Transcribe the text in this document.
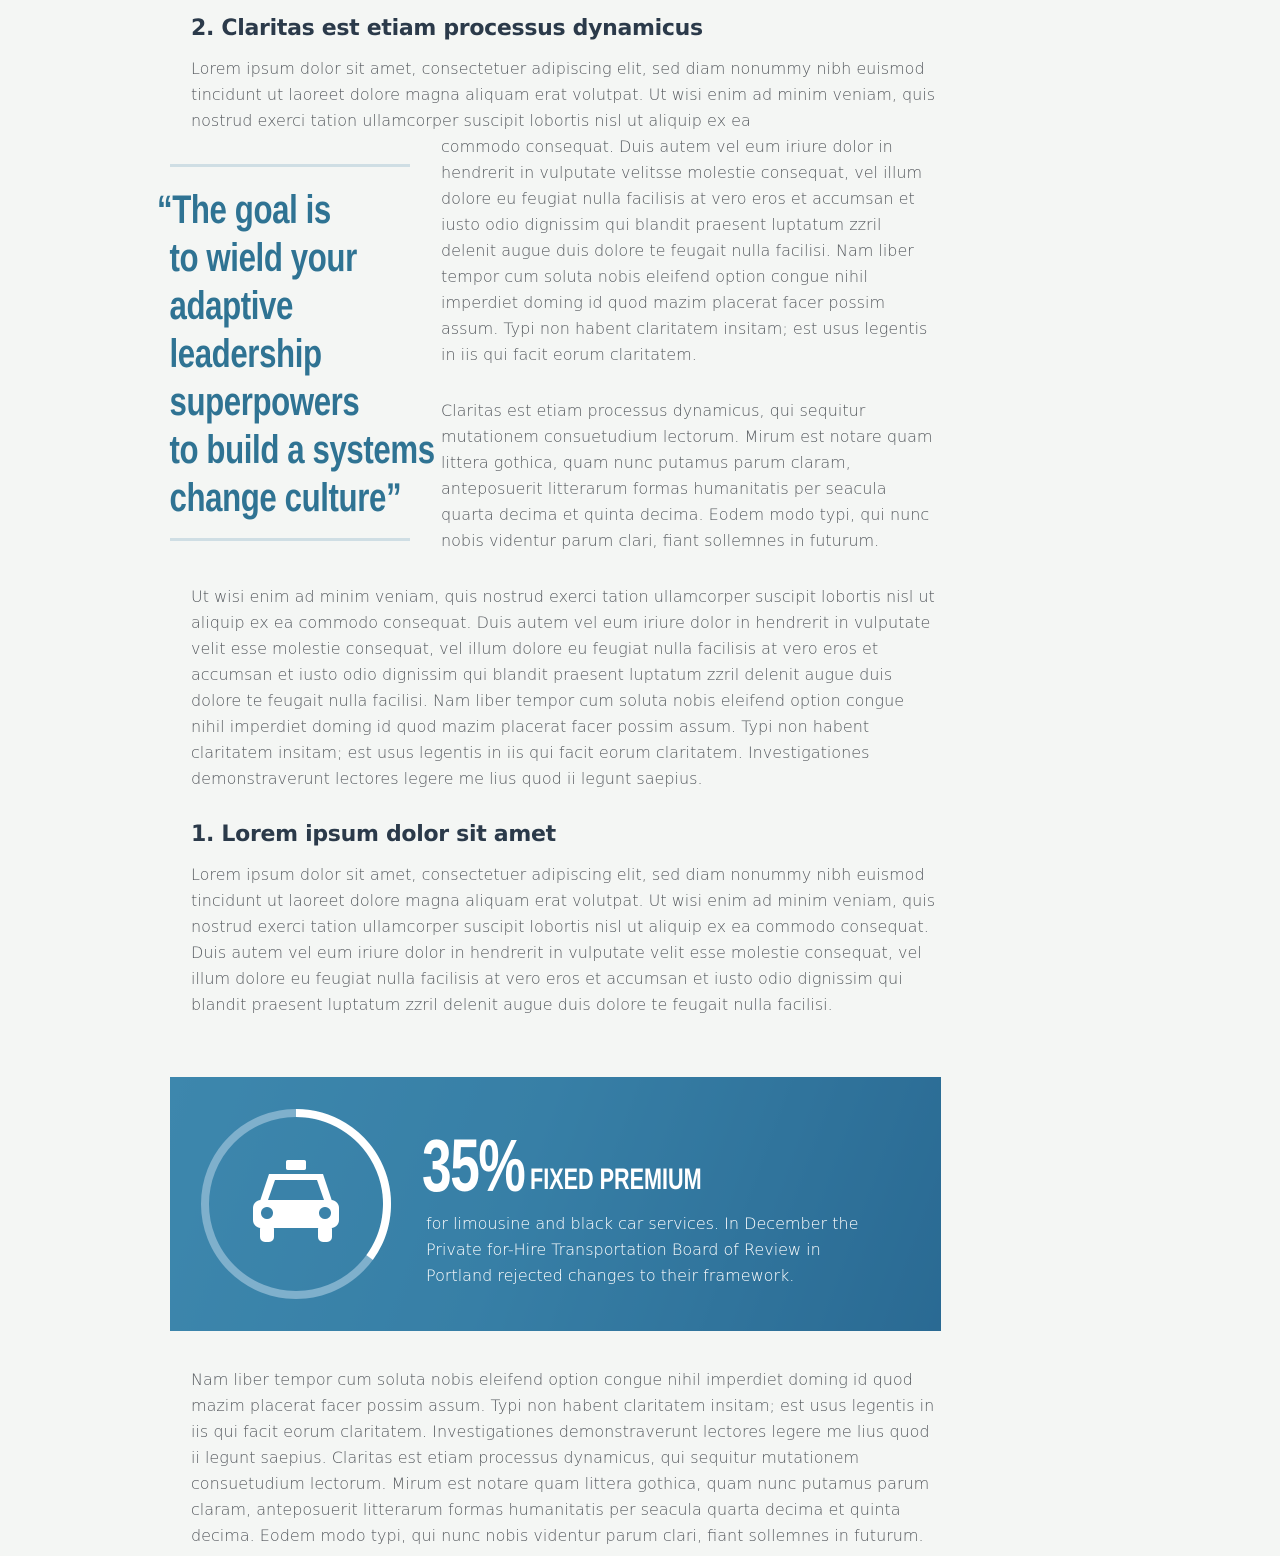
2. Claritas est etiam processus dynamicus

Lorem ipsum dolor sit amet, consectetuer adipiscing elit, sed diam nonummy nibh euismod tincidunt ut laoreet dolore magna aliquam erat volutpat. Ut wisi enim ad minim veniam, quis nostrud exerci tation ullamcorper suscipit lobortis nisl ut aliquip ex ea

“The goal is
to wield your
adaptive
leadership
superpowers
to build a systems
change culture”

commodo consequat. Duis autem vel eum iriure dolor in hendrerit in vulputate velitsse molestie consequat, vel illum dolore eu feugiat nulla facilisis at vero eros et accumsan et iusto odio dignissim qui blandit praesent luptatum zzril delenit augue duis dolore te feugait nulla facilisi. Nam liber tempor cum soluta nobis eleifend option congue nihil imperdiet doming id quod mazim placerat facer possim assum. Typi non habent claritatem insitam; est usus legentis in iis qui facit eorum claritatem.

Claritas est etiam processus dynamicus, qui sequitur mutationem consuetudium lectorum. Mirum est notare quam littera gothica, quam nunc putamus parum claram, anteposuerit litterarum formas humanitatis per seacula quarta decima et quinta decima. Eodem modo typi, qui nunc nobis videntur parum clari, fiant sollemnes in futurum.

Ut wisi enim ad minim veniam, quis nostrud exerci tation ullamcorper suscipit lobortis nisl ut aliquip ex ea commodo consequat. Duis autem vel eum iriure dolor in hendrerit in vulputate velit esse molestie consequat, vel illum dolore eu feugiat nulla facilisis at vero eros et accumsan et iusto odio dignissim qui blandit praesent luptatum zzril delenit augue duis dolore te feugait nulla facilisi. Nam liber tempor cum soluta nobis eleifend option congue nihil imperdiet doming id quod mazim placerat facer possim assum. Typi non habent claritatem insitam; est usus legentis in iis qui facit eorum claritatem. Investigationes demonstraverunt lectores legere me lius quod ii legunt saepius.

1. Lorem ipsum dolor sit amet

Lorem ipsum dolor sit amet, consectetuer adipiscing elit, sed diam nonummy nibh euismod tincidunt ut laoreet dolore magna aliquam erat volutpat. Ut wisi enim ad minim veniam, quis nostrud exerci tation ullamcorper suscipit lobortis nisl ut aliquip ex ea commodo consequat. Duis autem vel eum iriure dolor in hendrerit in vulputate velit esse molestie consequat, vel illum dolore eu feugiat nulla facilisis at vero eros et accumsan et iusto odio dignissim qui blandit praesent luptatum zzril delenit augue duis dolore te feugait nulla facilisi.

35% FIXED PREMIUM

for limousine and black car services. In December the Private for-Hire Transportation Board of Review in Portland rejected changes to their framework.

Nam liber tempor cum soluta nobis eleifend option congue nihil imperdiet doming id quod mazim placerat facer possim assum. Typi non habent claritatem insitam; est usus legentis in iis qui facit eorum claritatem. Investigationes demonstraverunt lectores legere me lius quod ii legunt saepius. Claritas est etiam processus dynamicus, qui sequitur mutationem consuetudium lectorum. Mirum est notare quam littera gothica, quam nunc putamus parum claram, anteposuerit litterarum formas humanitatis per seacula quarta decima et quinta decima. Eodem modo typi, qui nunc nobis videntur parum clari, fiant sollemnes in futurum.
